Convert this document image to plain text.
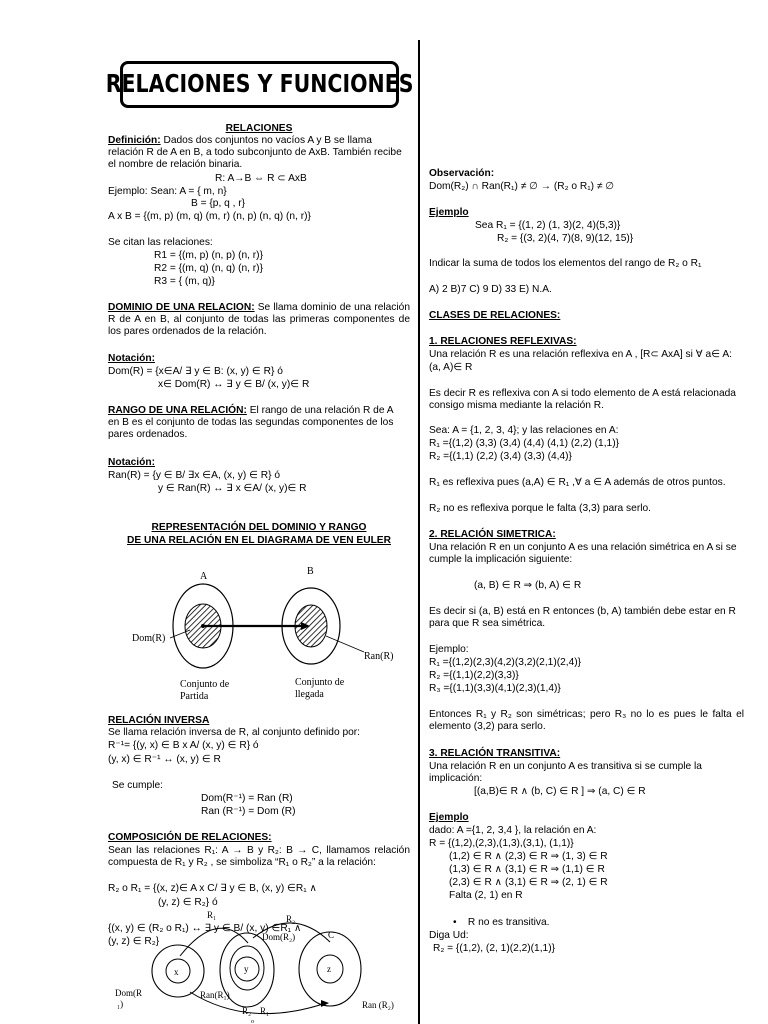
RELACIONES Y FUNCIONES
RELACIONES
Definición: Dados dos conjuntos no vacíos A y B se llama relación R de A en B, a todo subconjunto de AxB. También recibe el nombre de relación binaria.
R: A→B ⇔ R ⊂ AxB
Ejemplo: Sean: A = { m, n}
B = {p, q , r}
A x B = {(m, p) (m, q) (m, r) (n, p) (n, q) (n, r)}
Se citan las relaciones:
R1 = {(m, p) (n, p) (n, r)}
R2 = {(m, q) (n, q) (n, r)}
R3 = { (m, q)}
DOMINIO DE UNA RELACION: Se llama dominio de una relación R de A en B, al conjunto de todas las primeras componentes de los pares ordenados de la relación.
Notación:
Dom(R) = {x∈A/ ∃ y ∈ B: (x, y) ∈ R} ó
x∈ Dom(R) ↔ ∃ y ∈ B/ (x, y)∈ R
RANGO DE UNA RELACIÓN: El rango de una relación R de A en B es el conjunto de todas las segundas componentes de los pares ordenados.
Notación:
Ran(R) = {y ∈ B/ ∃x ∈A, (x, y) ∈ R} ó
y ∈ Ran(R) ↔ ∃ x ∈A/ (x, y)∈ R
REPRESENTACIÓN DEL DOMINIO Y RANGO
DE UNA RELACIÓN EN EL DIAGRAMA DE VEN EULER
A	B
Dom(R)
Ran(R)
Conjunto de
Partida
Conjunto de
llegada
RELACIÓN INVERSA
Se llama relación inversa de R, al conjunto definido por:
R⁻¹= {(y, x) ∈ B x A/ (x, y) ∈ R} ó
(y, x) ∈ R⁻¹ ↔ (x, y) ∈ R
Se cumple:
Dom(R⁻¹) = Ran (R)
Ran (R⁻¹) = Dom (R)
COMPOSICIÓN DE RELACIONES:
Sean las relaciones R₁: A → B y R₂: B → C, llamamos relación compuesta de R₁ y R₂ , se simboliza “R₁ o R₂” a la relación:
R₂ o R₁ = {(x, z)∈ A x C/ ∃ y ∈ B, (x, y) ∈R₁ ∧
(y, z) ∈ R₂} ó
{(x, y) ∈ (R₂ o R₁) ↔ ∃ y ∈ B/ (x, y) ∈R₁ ∧
(y, z) ∈ R₂}
R₁	R₂
C
x	y
Dom(R₂)
z
Dom(R
₁)
Ran(R₁)
Ran (R₂)
R₂ R₁
o
Observación:
Dom(R₂) ∩ Ran(R₁) ≠ ∅ → (R₂ o R₁) ≠ ∅
Ejemplo
Sea R₁ = {(1, 2) (1, 3)(2, 4)(5,3)}
R₂ = {(3, 2)(4, 7)(8, 9)(12, 15)}
Indicar la suma de todos los elementos del rango de R₂ o R₁
A) 2 B)7 C) 9 D) 33 E) N.A.
CLASES DE RELACIONES:
1. RELACIONES REFLEXIVAS:
Una relación R es una relación reflexiva en A , [R⊂ AxA] si ∀ a∈ A:
(a, A)∈ R
Es decir R es reflexiva con A si todo elemento de A está relacionada consigo misma mediante la relación R.
Sea: A = {1, 2, 3, 4}; y las relaciones en A:
R₁ ={(1,2) (3,3) (3,4) (4,4) (4,1) (2,2) (1,1)}
R₂ ={(1,1) (2,2) (3,4) (3,3) (4,4)}
R₁ es reflexiva pues (a,A) ∈ R₁ ,∀ a ∈ A además de otros puntos.
R₂ no es reflexiva porque le falta (3,3) para serlo.
2. RELACIÓN SIMETRICA:
Una relación R en un conjunto A es una relación simétrica en A si se cumple la implicación siguiente:
(a, B) ∈ R ⇒ (b, A) ∈ R
Es decir si (a, B) está en R entonces (b, A) también debe estar en R para que R sea simétrica.
Ejemplo:
R₁ ={(1,2)(2,3)(4,2)(3,2)(2,1)(2,4)}
R₂ ={(1,1)(2,2)(3,3)}
R₃ ={(1,1)(3,3)(4,1)(2,3)(1,4)}
Entonces R₁ y R₂ son simétricas; pero R₃ no lo es pues le falta el elemento (3,2) para serlo.
3. RELACIÓN TRANSITIVA:
Una relación R en un conjunto A es transitiva si se cumple la implicación:
[(a,B)∈ R ∧ (b, C) ∈ R ] ⇒ (a, C) ∈ R
Ejemplo
dado: A ={1, 2, 3,4 }, la relación en A:
R = {(1,2),(2,3),(1,3),(3,1), (1,1)}
(1,2) ∈ R ∧ (2,3) ∈ R ⇒ (1, 3) ∈ R
(1,3) ∈ R ∧ (3,1) ∈ R ⇒ (1,1) ∈ R
(2,3) ∈ R ∧ (3,1) ∈ R ⇒ (2, 1) ∈ R
Falta (2, 1) en R
• R no es transitiva.
Diga Ud:
R₂ = {(1,2), (2, 1)(2,2)(1,1)}
